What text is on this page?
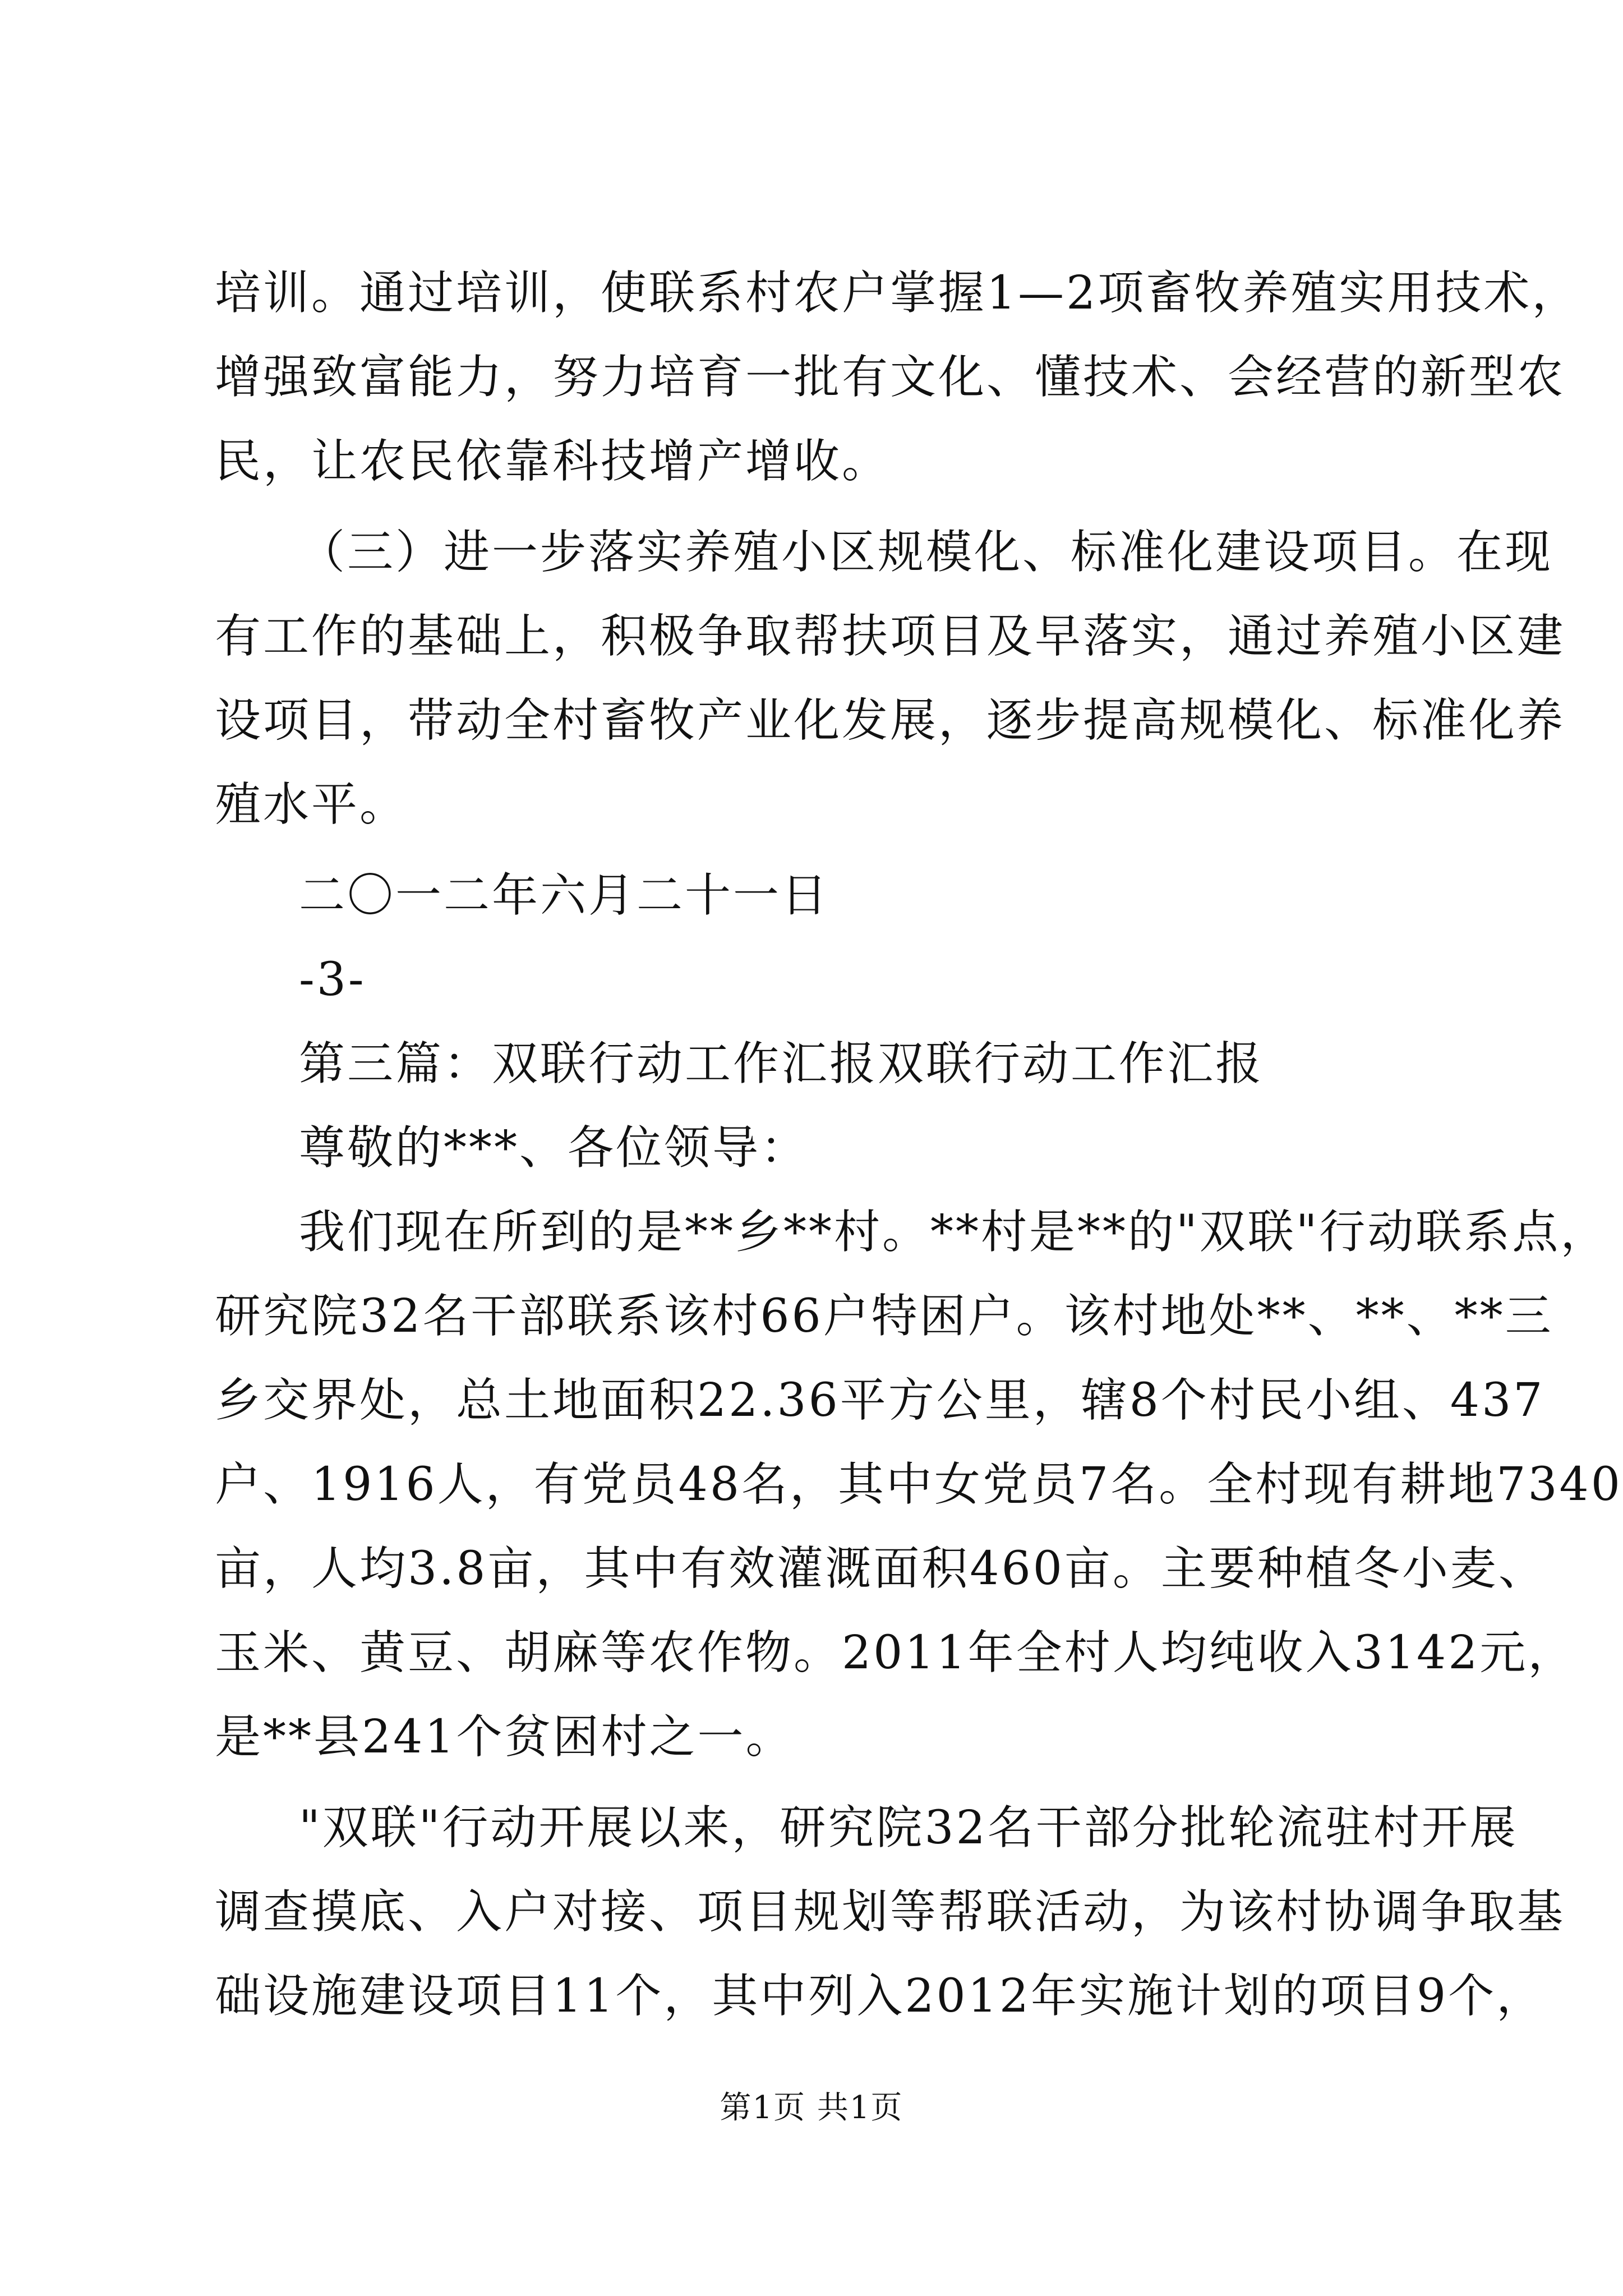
培训。通过培训，使联系村农户掌握1—2项畜牧养殖实用技术，
增强致富能力，努力培育一批有文化、懂技术、会经营的新型农
民，让农民依靠科技增产增收。
（三）进一步落实养殖小区规模化、标准化建设项目。在现
有工作的基础上，积极争取帮扶项目及早落实，通过养殖小区建
设项目，带动全村畜牧产业化发展，逐步提高规模化、标准化养
殖水平。
二〇一二年六月二十一日
-3-
第三篇：双联行动工作汇报双联行动工作汇报
尊敬的***、各位领导：
我们现在所到的是**乡**村。**村是**的"双联"行动联系点，
研究院32名干部联系该村66户特困户。该村地处**、**、**三
乡交界处，总土地面积22.36平方公里，辖8个村民小组、437
户、1916人，有党员48名，其中女党员7名。全村现有耕地7340
亩，人均3.8亩，其中有效灌溉面积460亩。主要种植冬小麦、
玉米、黄豆、胡麻等农作物。2011年全村人均纯收入3142元，
是**县241个贫困村之一。
"双联"行动开展以来，研究院32名干部分批轮流驻村开展
调查摸底、入户对接、项目规划等帮联活动，为该村协调争取基
础设施建设项目11个，其中列入2012年实施计划的项目9个，
第1页 共1页
